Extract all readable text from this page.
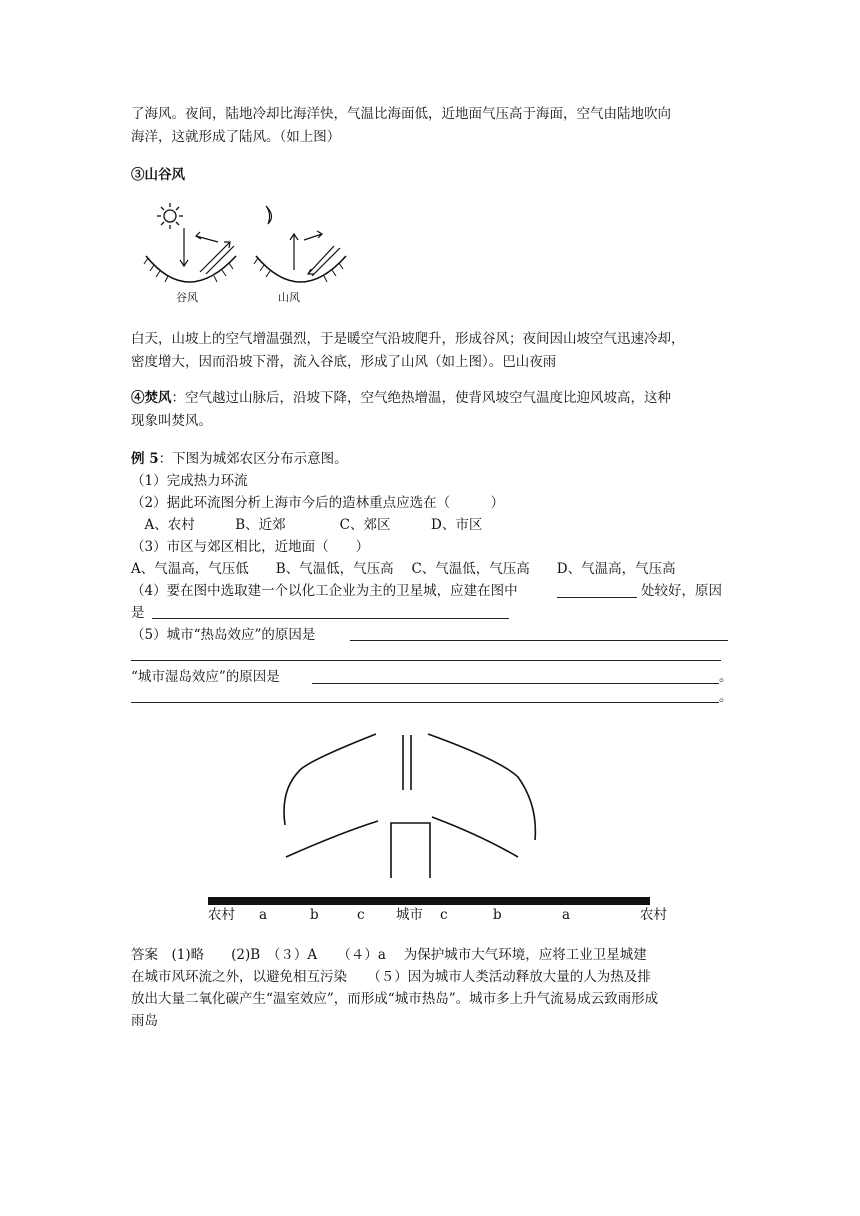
了海风。夜间，陆地冷却比海洋快，气温比海面低，近地面气压高于海面，空气由陆地吹向
海洋，这就形成了陆风。（如上图）
③山谷风
谷风	山风
白天，山坡上的空气增温强烈，于是暖空气沿坡爬升，形成谷风；夜间因山坡空气迅速冷却，
密度增大，因而沿坡下滑，流入谷底，形成了山风（如上图）。巴山夜雨
④焚风：空气越过山脉后，沿坡下降，空气绝热增温，使背风坡空气温度比迎风坡高，这种
现象叫焚风。
例 5：下图为城郊农区分布示意图。
（1）完成热力环流
（2）据此环流图分析上海市今后的造林重点应选在（　　　）
　A、农村　　　B、近郊　　　　C、郊区　　　D、市区
（3）市区与郊区相比，近地面（　　）
A、气温高，气压低　　B、气温低，气压高　 C、气温低，气压高　　D、气温高，气压高
（4）要在图中选取建一个以化工企业为主的卫星城，应建在图中	处较好，原因
是
（5）城市“热岛效应”的原因是
“城市湿岛效应”的原因是	。
。
农村 a	b	c 城市 c	b	a	农村
答案　(1)略　　(2)B　（３）A　　（４）a　 为保护城市大气环境，应将工业卫星城建
在城市风环流之外，以避免相互污染　　（５）因为城市人类活动释放大量的人为热及排
放出大量二氧化碳产生“温室效应”，而形成“城市热岛”。城市多上升气流易成云致雨形成
雨岛
